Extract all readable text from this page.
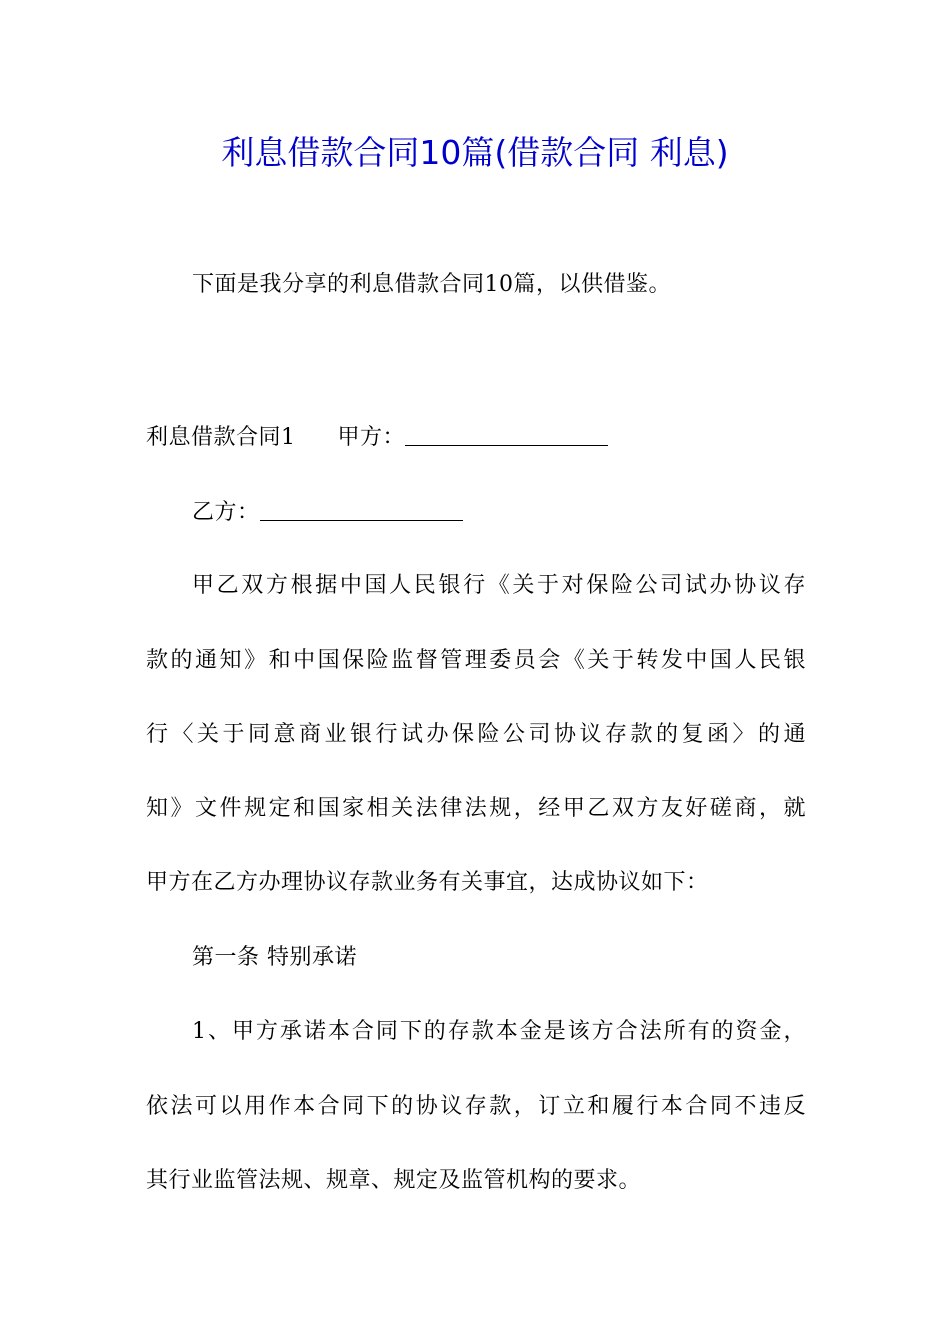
利息借款合同10篇(借款合同 利息)
下面是我分享的利息借款合同10篇，以供借鉴。
利息借款合同1 甲方：
乙方：
甲乙双方根据中国人民银行《关于对保险公司试办协议存
款的通知》和中国保险监督管理委员会《关于转发中国人民银
行〈关于同意商业银行试办保险公司协议存款的复函〉的通
知》文件规定和国家相关法律法规，经甲乙双方友好磋商，就
甲方在乙方办理协议存款业务有关事宜，达成协议如下：
第一条 特别承诺
1、甲方承诺本合同下的存款本金是该方合法所有的资金，
依法可以用作本合同下的协议存款，订立和履行本合同不违反
其行业监管法规、规章、规定及监管机构的要求。
